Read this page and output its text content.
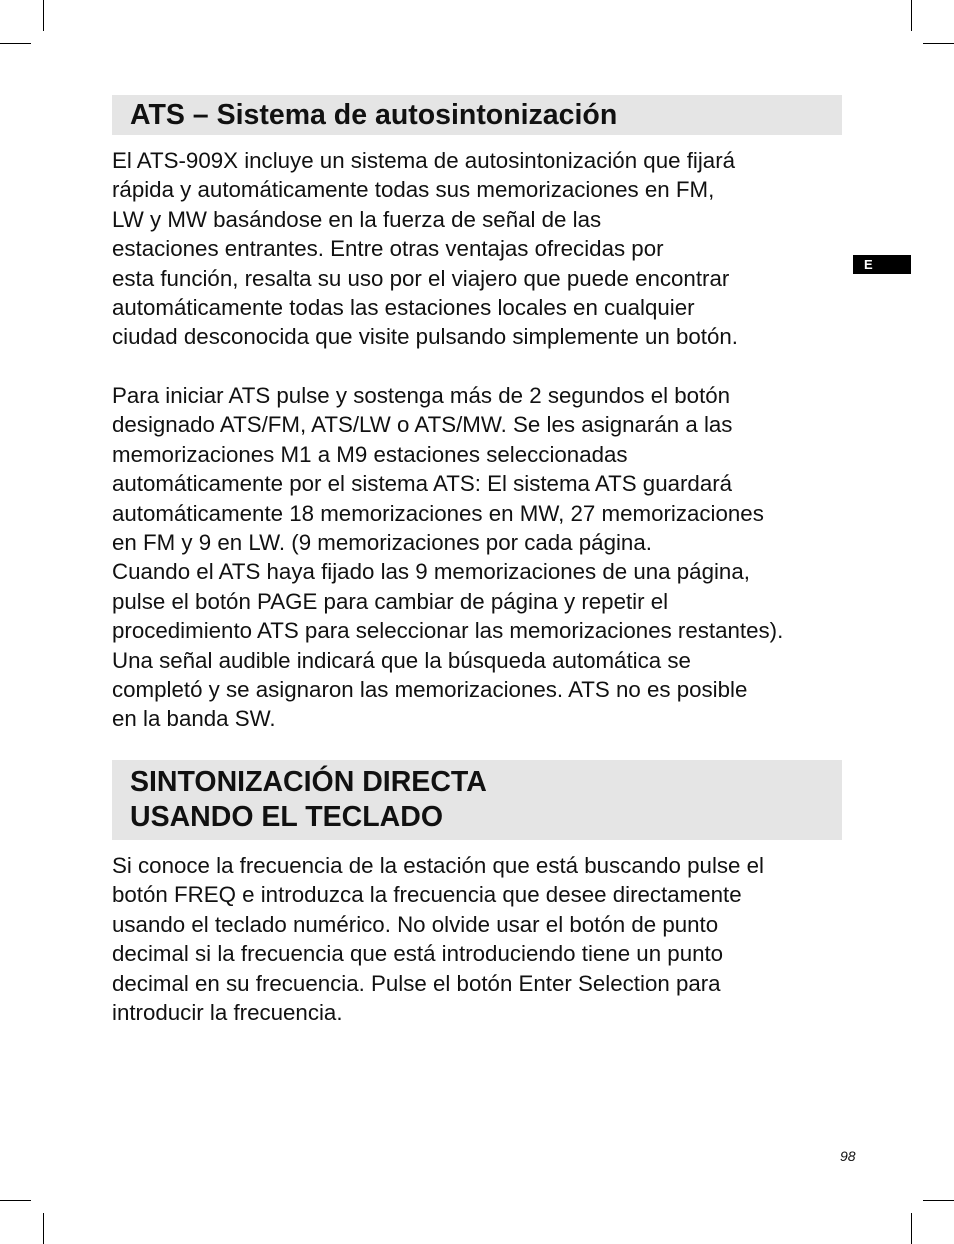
E
ATS – Sistema de autosintonización
El ATS-909X incluye un sistema de autosintonización que fijará
rápida y automáticamente todas sus memorizaciones en FM,
LW y MW basándose en la fuerza de señal de las
estaciones entrantes. Entre otras ventajas ofrecidas por
esta función, resalta su uso por el viajero que puede encontrar
automáticamente todas las estaciones locales en cualquier
ciudad desconocida que visite pulsando simplemente un botón.
Para iniciar ATS pulse y sostenga más de 2 segundos el botón
designado ATS/FM, ATS/LW o ATS/MW. Se les asignarán a las
memorizaciones M1 a M9 estaciones seleccionadas
automáticamente por el sistema ATS: El sistema ATS guardará
automáticamente 18 memorizaciones en MW, 27 memorizaciones
en FM y 9 en LW. (9 memorizaciones por cada página.
Cuando el ATS haya fijado las 9 memorizaciones de una página,
pulse el botón PAGE para cambiar de página y repetir el
procedimiento ATS para seleccionar las memorizaciones restantes).
Una señal audible indicará que la búsqueda automática se
completó y se asignaron las memorizaciones. ATS no es posible
en la banda SW.
SINTONIZACIÓN DIRECTA
USANDO EL TECLADO
Si conoce la frecuencia de la estación que está buscando pulse el
botón FREQ e introduzca la frecuencia que desee directamente
usando el teclado numérico. No olvide usar el botón de punto
decimal si la frecuencia que está introduciendo tiene un punto
decimal en su frecuencia. Pulse el botón Enter Selection para
introducir la frecuencia.
98
